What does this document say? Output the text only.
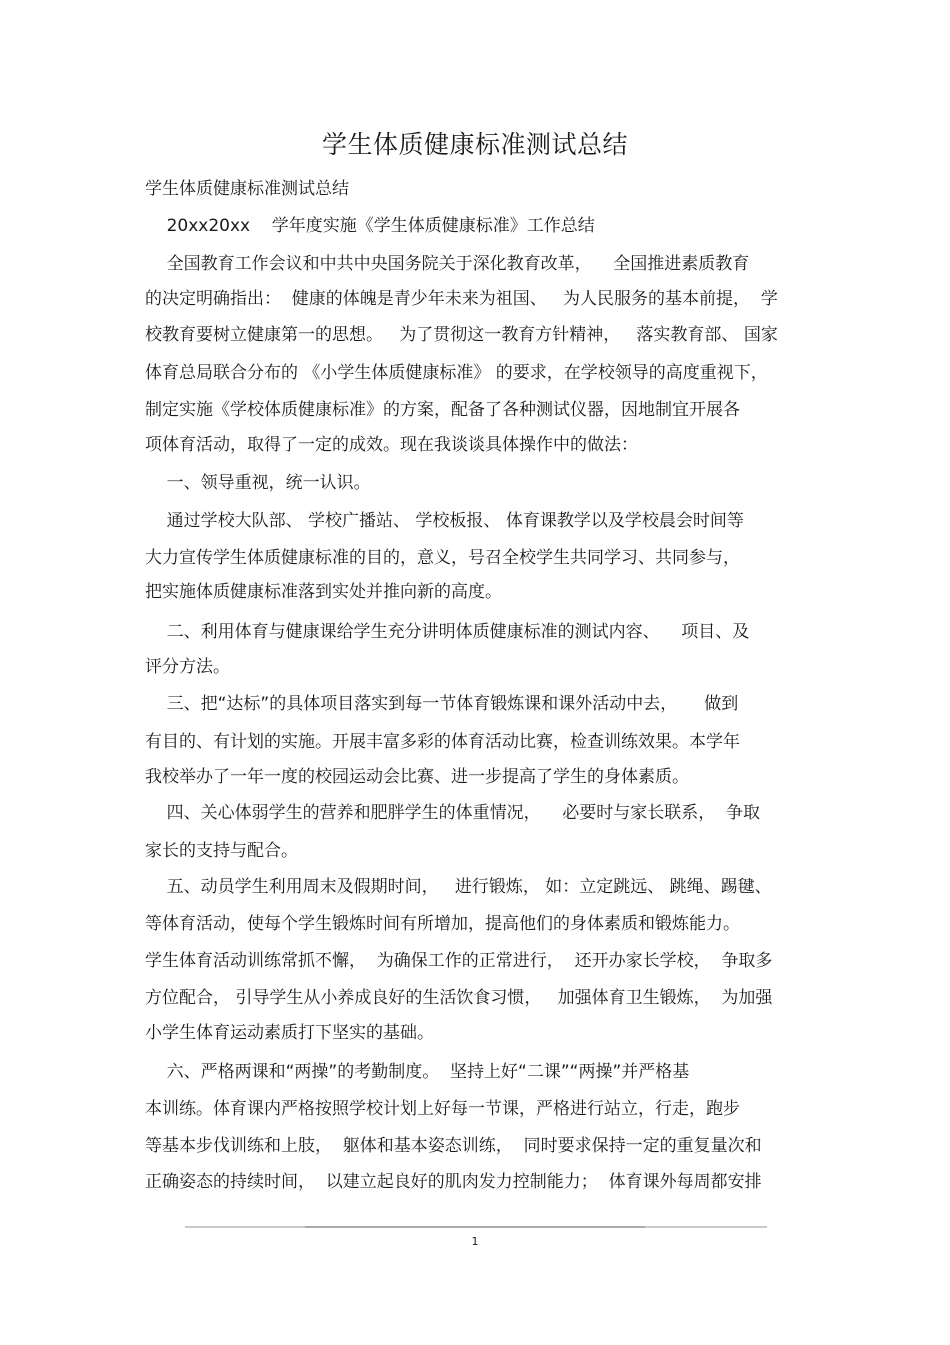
学生体质健康标准测试总结
学生体质健康标准测试总结
20xx20xx    学年度实施《学生体质健康标准》工作总结
全国教育工作会议和中共中央国务院关于深化教育改革，    全国推进素质教育
的决定明确指出：  健康的体魄是青少年未来为祖国、   为人民服务的基本前提，  学
校教育要树立健康第一的思想。   为了贯彻这一教育方针精神，   落实教育部、 国家
体育总局联合分布的 《小学生体质健康标准》 的要求，在学校领导的高度重视下，
制定实施《学校体质健康标准》的方案，配备了各种测试仪器，因地制宜开展各
项体育活动，取得了一定的成效。现在我谈谈具体操作中的做法：
一、领导重视，统一认识。
通过学校大队部、 学校广播站、 学校板报、 体育课教学以及学校晨会时间等
大力宣传学生体质健康标准的目的，意义，号召全校学生共同学习、共同参与，
把实施体质健康标准落到实处并推向新的高度。
二、利用体育与健康课给学生充分讲明体质健康标准的测试内容、    项目、及
评分方法。
三、把“达标”的具体项目落实到每一节体育锻炼课和课外活动中去，     做到
有目的、有计划的实施。开展丰富多彩的体育活动比赛，检查训练效果。本学年
我校举办了一年一度的校园运动会比赛、进一步提高了学生的身体素质。
四、关心体弱学生的营养和肥胖学生的体重情况，    必要时与家长联系，  争取
家长的支持与配合。
五、动员学生利用周末及假期时间，   进行锻炼， 如：立定跳远、 跳绳、踢毽、
等体育活动，使每个学生锻炼时间有所增加，提高他们的身体素质和锻炼能力。
学生体育活动训练常抓不懈，  为确保工作的正常进行，  还开办家长学校，  争取多
方位配合， 引导学生从小养成良好的生活饮食习惯，   加强体育卫生锻炼，  为加强
小学生体育运动素质打下坚实的基础。
六、严格两课和“两操”的考勤制度。  坚持上好“二课”“两操”并严格基
本训练。体育课内严格按照学校计划上好每一节课，严格进行站立，行走，跑步
等基本步伐训练和上肢，  躯体和基本姿态训练，  同时要求保持一定的重复量次和
正确姿态的持续时间，  以建立起良好的肌肉发力控制能力；  体育课外每周都安排
1
